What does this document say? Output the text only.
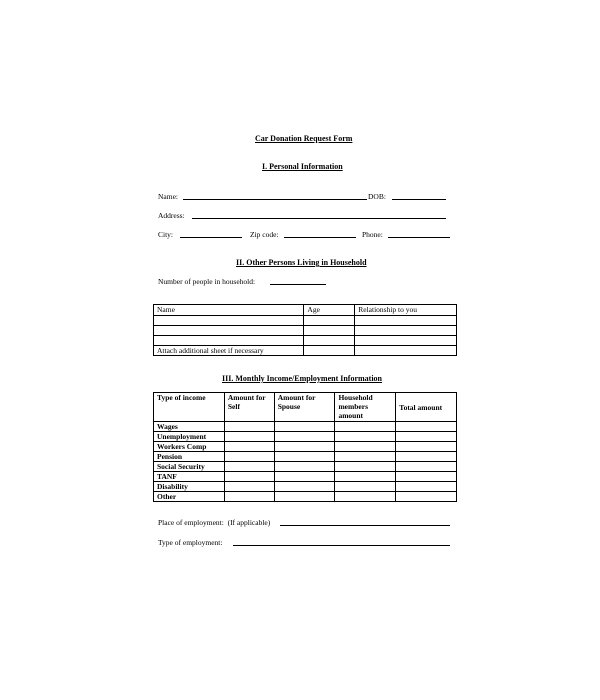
Car Donation Request Form
I. Personal Information
Name:	DOB:
Address:
City:	Zip code:	Phone:
II. Other Persons Living in Household
Number of people in household:
Name	Age	Relationship to you

Attach additional sheet if necessary		
III. Monthly Income/Employment Information
Type of income	Amount for Self	Amount for Spouse	Household members amount	Total amount
Wages				
Unemployment				
Workers Comp				
Pension				
Social Security				
TANF				
Disability				
Other				
Place of employment:  (If applicable)
Type of employment:
